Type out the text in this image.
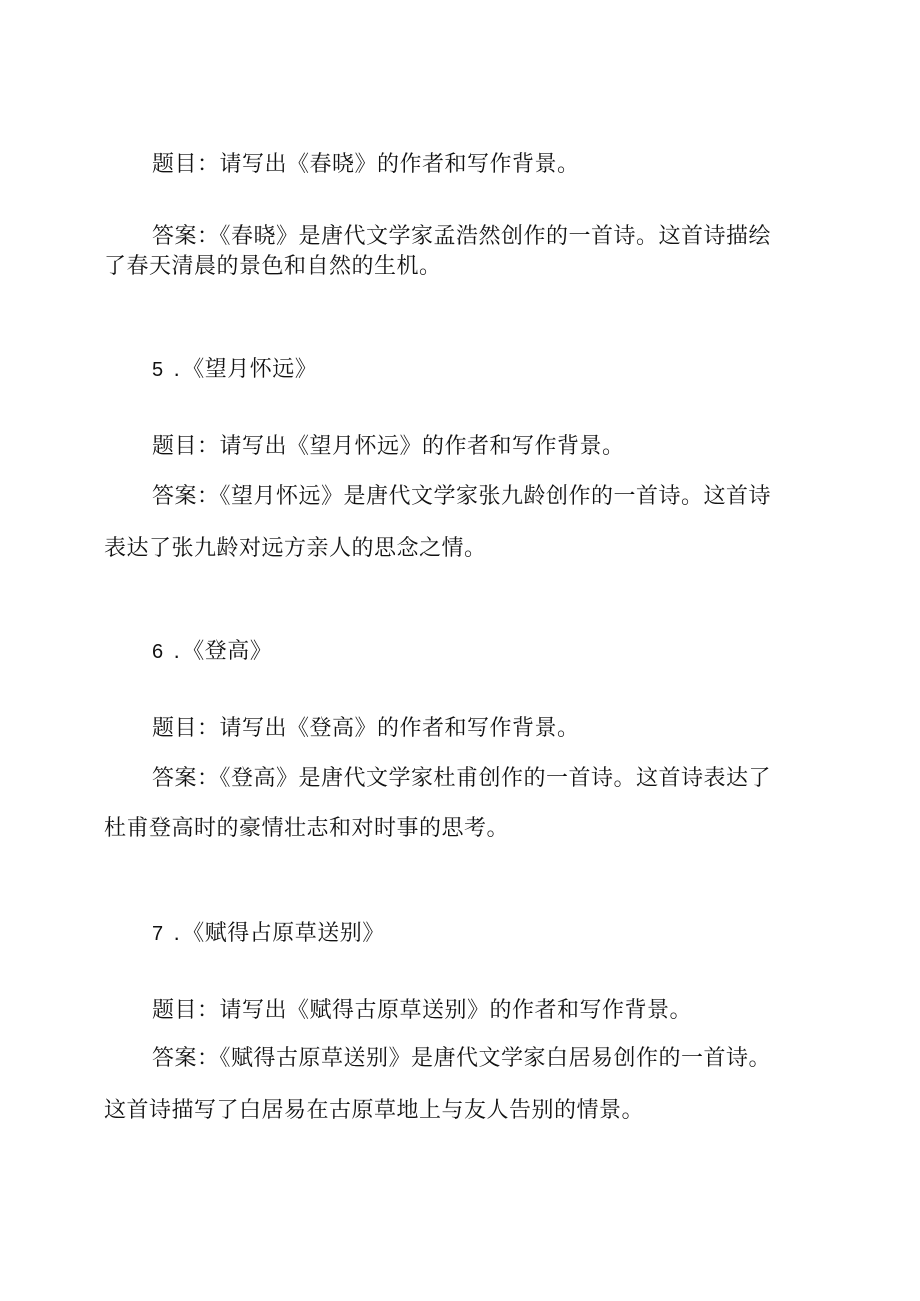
题目：请写出《春晓》的作者和写作背景。
答案：《春晓》是唐代文学家孟浩然创作的一首诗。这首诗描绘
了春天清晨的景色和自然的生机。
5 .《望月怀远》
题目：请写出《望月怀远》的作者和写作背景。
答案：《望月怀远》是唐代文学家张九龄创作的一首诗。这首诗
表达了张九龄对远方亲人的思念之情。
6 .《登高》
题目：请写出《登高》的作者和写作背景。
答案：《登高》是唐代文学家杜甫创作的一首诗。这首诗表达了
杜甫登高时的豪情壮志和对时事的思考。
7 .《赋得占原草送别》
题目：请写出《赋得古原草送别》的作者和写作背景。
答案：《赋得古原草送别》是唐代文学家白居易创作的一首诗。
这首诗描写了白居易在古原草地上与友人告别的情景。
